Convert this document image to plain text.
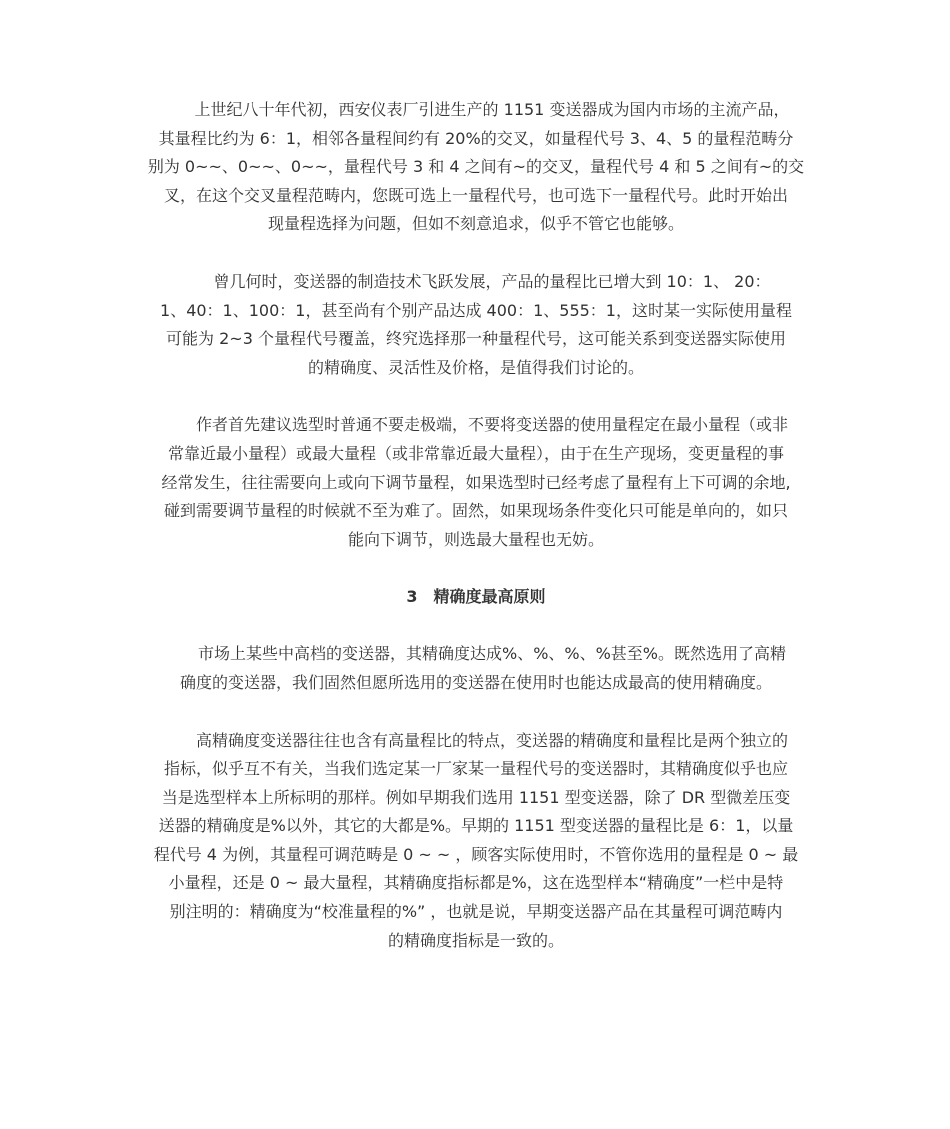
　　上世纪八十年代初，西安仪表厂引进生产的 1151 变送器成为国内市场的主流产品，
其量程比约为 6：1，相邻各量程间约有 20%的交叉，如量程代号 3、4、5 的量程范畴分
别为 0~~、0~~、0~~，量程代号 3 和 4 之间有~的交叉，量程代号 4 和 5 之间有~的交
叉，在这个交叉量程范畴内，您既可选上一量程代号，也可选下一量程代号。此时开始出
现量程选择为问题，但如不刻意追求，似乎不管它也能够。

　　曾几何时，变送器的制造技术飞跃发展，产品的量程比已增大到 10：1、 20：
1、40：1、100：1，甚至尚有个别产品达成 400：1、555：1，这时某一实际使用量程
可能为 2~3 个量程代号覆盖，终究选择那一种量程代号，这可能关系到变送器实际使用
的精确度、灵活性及价格，是值得我们讨论的。

　　作者首先建议选型时普通不要走极端，不要将变送器的使用量程定在最小量程（或非
常靠近最小量程）或最大量程（或非常靠近最大量程），由于在生产现场，变更量程的事
经常发生，往往需要向上或向下调节量程，如果选型时已经考虑了量程有上下可调的余地,
碰到需要调节量程的时候就不至为难了。固然，如果现场条件变化只可能是单向的，如只
能向下调节，则选最大量程也无妨。

3　精确度最高原则

　　市场上某些中高档的变送器，其精确度达成%、%、%、%甚至%。既然选用了高精
确度的变送器，我们固然但愿所选用的变送器在使用时也能达成最高的使用精确度。

　　高精确度变送器往往也含有高量程比的特点，变送器的精确度和量程比是两个独立的
指标，似乎互不有关，当我们选定某一厂家某一量程代号的变送器时，其精确度似乎也应
当是选型样本上所标明的那样。例如早期我们选用 1151 型变送器，除了 DR 型微差压变
送器的精确度是%以外，其它的大都是%。早期的 1151 型变送器的量程比是 6：1，以量
程代号 4 为例，其量程可调范畴是 0 ~ ~ ，顾客实际使用时，不管你选用的量程是 0 ~ 最
小量程，还是 0 ~ 最大量程，其精确度指标都是%，这在选型样本“精确度”一栏中是特
别注明的：精确度为“校准量程的%” ，也就是说，早期变送器产品在其量程可调范畴内
的精确度指标是一致的。
